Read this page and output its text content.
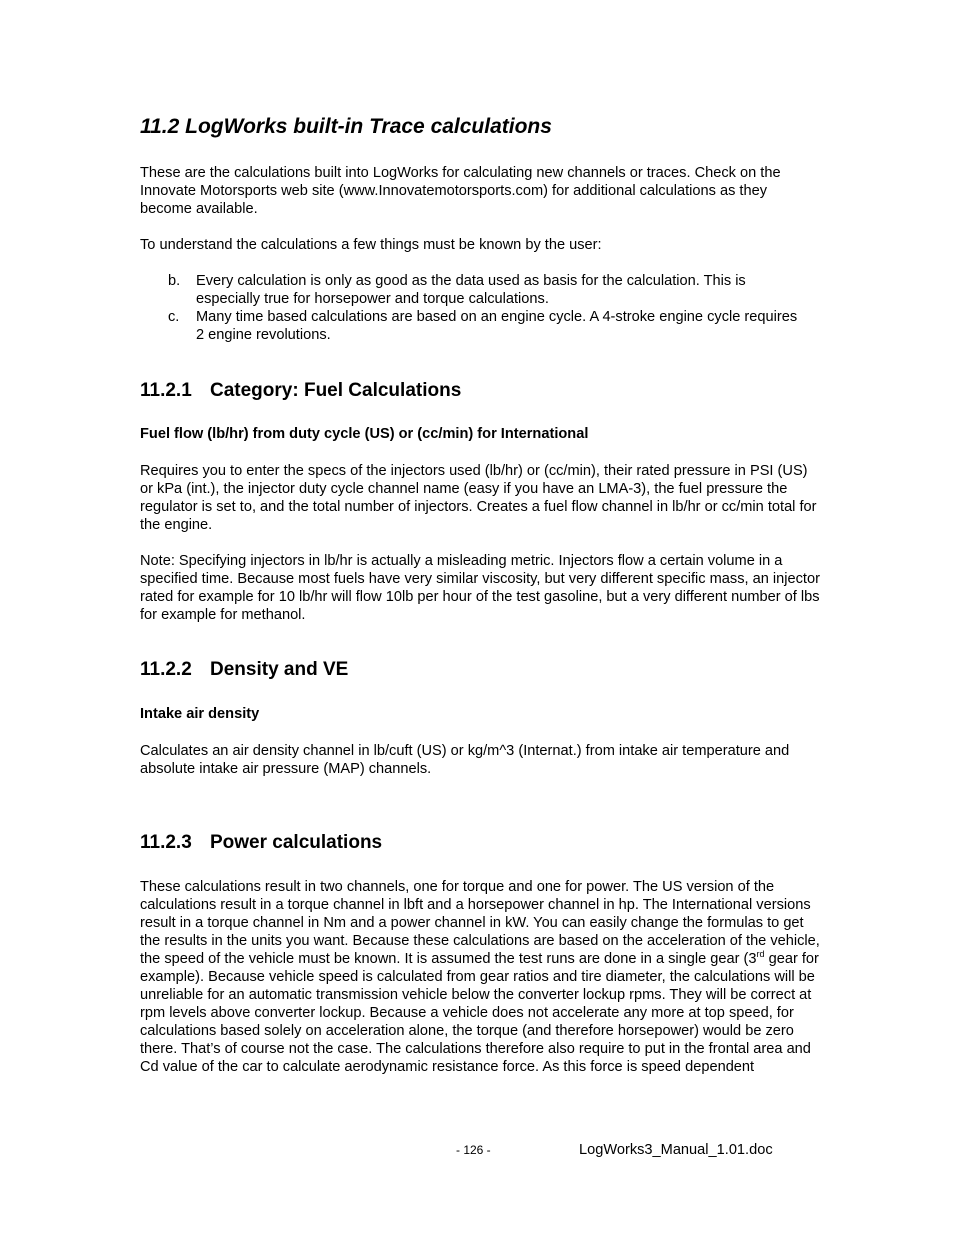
11.2 LogWorks built-in Trace calculations

These are the calculations built into LogWorks for calculating new channels or traces. Check on the Innovate Motorsports web site (www.Innovatemotorsports.com) for additional calculations as they become available.

To understand the calculations a few things must be known by the user:

b. Every calculation is only as good as the data used as basis for the calculation. This is especially true for horsepower and torque calculations.
c. Many time based calculations are based on an engine cycle. A 4-stroke engine cycle requires 2 engine revolutions.
11.2.1 Category: Fuel Calculations

Fuel flow (lb/hr) from duty cycle (US) or (cc/min) for International

Requires you to enter the specs of the injectors used (lb/hr) or (cc/min), their rated pressure in PSI (US) or kPa (int.), the injector duty cycle channel name (easy if you have an LMA-3), the fuel pressure the regulator is set to, and the total number of injectors. Creates a fuel flow channel in lb/hr or cc/min total for the engine.

Note: Specifying injectors in lb/hr is actually a misleading metric. Injectors flow a certain volume in a specified time. Because most fuels have very similar viscosity, but very different specific mass, an injector rated for example for 10 lb/hr will flow 10lb per hour of the test gasoline, but a very different number of lbs for example for methanol.

11.2.2 Density and VE

Intake air density

Calculates an air density channel in lb/cuft (US) or kg/m^3 (Internat.) from intake air temperature and absolute intake air pressure (MAP) channels.

11.2.3 Power calculations

These calculations result in two channels, one for torque and one for power. The US version of the calculations result in a torque channel in lbft and a horsepower channel in hp. The International versions result in a torque channel in Nm and a power channel in kW. You can easily change the formulas to get the results in the units you want. Because these calculations are based on the acceleration of the vehicle, the speed of the vehicle must be known. It is assumed the test runs are done in a single gear (3rd gear for example). Because vehicle speed is calculated from gear ratios and tire diameter, the calculations will be unreliable for an automatic transmission vehicle below the converter lockup rpms. They will be correct at rpm levels above converter lockup. Because a vehicle does not accelerate any more at top speed, for calculations based solely on acceleration alone, the torque (and therefore horsepower) would be zero there. That’s of course not the case. The calculations therefore also require to put in the frontal area and Cd value of the car to calculate aerodynamic resistance force. As this force is speed dependent

- 126 -	LogWorks3_Manual_1.01.doc
